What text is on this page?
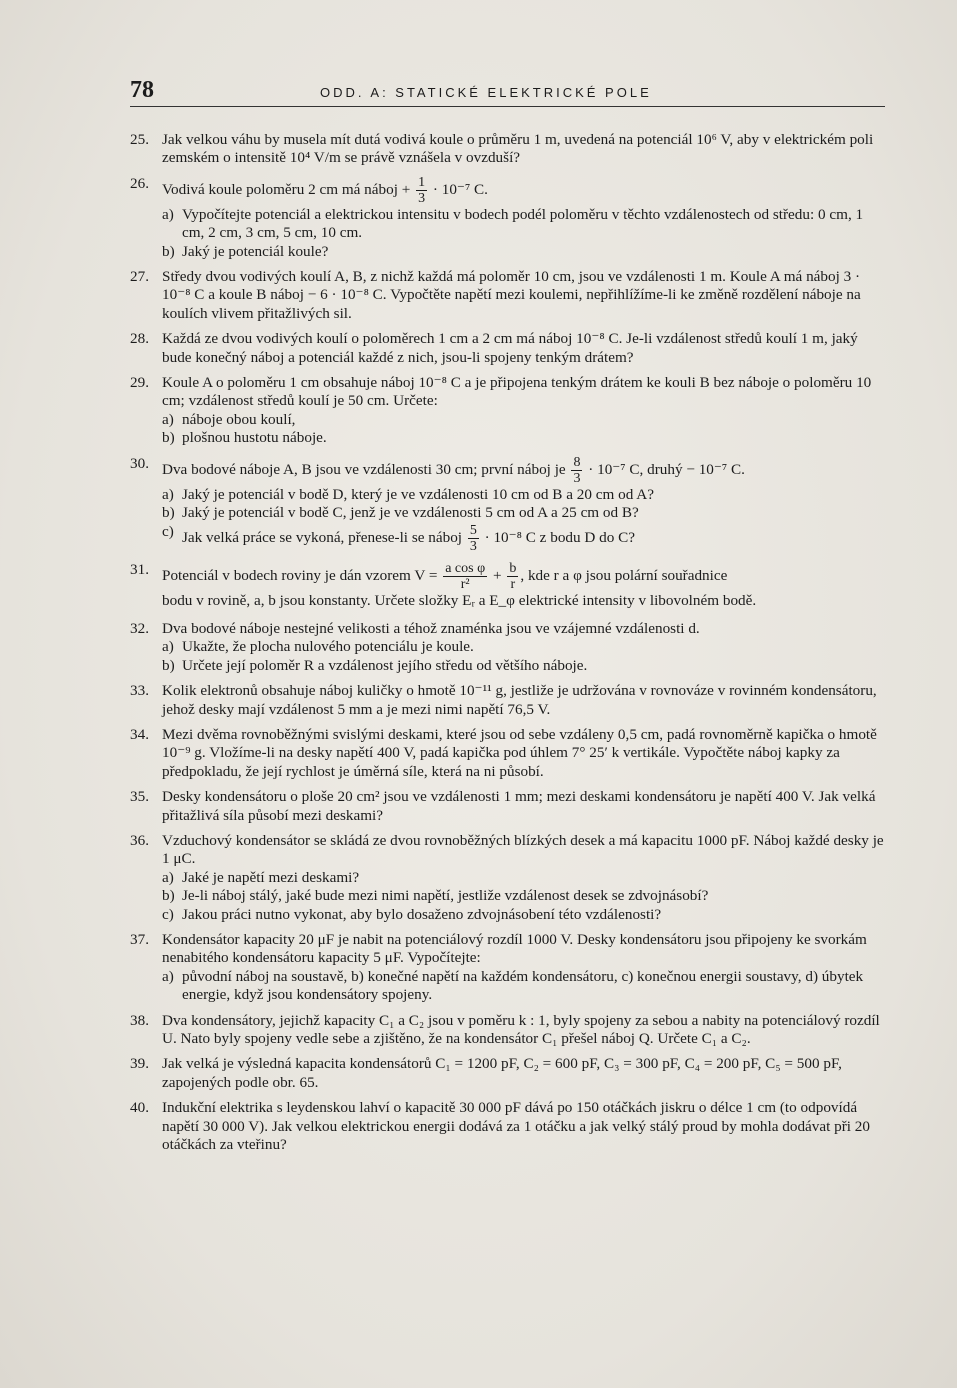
78	ODD. A: STATICKÉ ELEKTRICKÉ POLE
25. Jak velkou váhu by musela mít dutá vodivá koule o průměru 1 m, uvedená na potenciál 10⁶ V, aby v elektrickém poli zemském o intensitě 10⁴ V/m se právě vznášela v ovzduší?
26. Vodivá koule poloměru 2 cm má náboj + $\frac{1}{3} \cdot 10^{-7}$ C.
a) Vypočítejte potenciál a elektrickou intensitu v bodech podél poloměru v těchto vzdálenostech od středu: 0 cm, 1 cm, 2 cm, 3 cm, 5 cm, 10 cm.
b) Jaký je potenciál koule?
27. Středy dvou vodivých koulí A, B, z nichž každá má poloměr 10 cm, jsou ve vzdálenosti 1 m. Koule A má náboj 3 · 10⁻⁸ C a koule B náboj − 6 · 10⁻⁸ C. Vypočtěte napětí mezi koulemi, nepřihlížíme-li ke změně rozdělení náboje na koulích vlivem přitažlivých sil.
28. Každá ze dvou vodivých koulí o poloměrech 1 cm a 2 cm má náboj 10⁻⁸ C. Je-li vzdálenost středů koulí 1 m, jaký bude konečný náboj a potenciál každé z nich, jsou-li spojeny tenkým drátem?
29. Koule A o poloměru 1 cm obsahuje náboj 10⁻⁸ C a je připojena tenkým drátem ke kouli B bez náboje o poloměru 10 cm; vzdálenost středů koulí je 50 cm. Určete:
a) náboje obou koulí,
b) plošnou hustotu náboje.
30. Dva bodové náboje A, B jsou ve vzdálenosti 30 cm; první náboj je $\frac{8}{3} \cdot 10^{-7}$ C, druhý − 10⁻⁷ C.
a) Jaký je potenciál v bodě D, který je ve vzdálenosti 10 cm od B a 20 cm od A?
b) Jaký je potenciál v bodě C, jenž je ve vzdálenosti 5 cm od A a 25 cm od B?
c) Jak velká práce se vykoná, přenese-li se náboj $\frac{5}{3} \cdot 10^{-8}$ C z bodu D do C?
31. Potenciál v bodech roviny je dán vzorem $V = \frac{\text{a cos φ}}{\text{r²}} + \frac{b}{r}$ , kde r a φ jsou polární souřadnice
bodu v rovině, a, b jsou konstanty. Určete složky Eᵣ a E_φ elektrické intensity v libovolném bodě.
32. Dva bodové náboje nestejné velikosti a téhož znaménka jsou ve vzájemné vzdálenosti d.
a) Ukažte, že plocha nulového potenciálu je koule.
b) Určete její poloměr R a vzdálenost jejího středu od většího náboje.
33. Kolik elektronů obsahuje náboj kuličky o hmotě 10⁻¹¹ g, jestliže je udržována v rovnováze v rovinném kondensátoru, jehož desky mají vzdálenost 5 mm a je mezi nimi napětí 76,5 V.
34. Mezi dvěma rovnoběžnými svislými deskami, které jsou od sebe vzdáleny 0,5 cm, padá rovnoměrně kapička o hmotě 10⁻⁹ g. Vložíme-li na desky napětí 400 V, padá kapička pod úhlem 7° 25′ k vertikále. Vypočtěte náboj kapky za předpokladu, že její rychlost je úměrná síle, která na ni působí.
35. Desky kondensátoru o ploše 20 cm² jsou ve vzdálenosti 1 mm; mezi deskami kondensátoru je napětí 400 V. Jak velká přitažlivá síla působí mezi deskami?
36. Vzduchový kondensátor se skládá ze dvou rovnoběžných blízkých desek a má kapacitu 1000 pF. Náboj každé desky je 1 μC.
a) Jaké je napětí mezi deskami?
b) Je-li náboj stálý, jaké bude mezi nimi napětí, jestliže vzdálenost desek se zdvojnásobí?
c) Jakou práci nutno vykonat, aby bylo dosaženo zdvojnásobení této vzdálenosti?
37. Kondensátor kapacity 20 μF je nabit na potenciálový rozdíl 1000 V. Desky kondensátoru jsou připojeny ke svorkám nenabitého kondensátoru kapacity 5 μF. Vypočítejte:
a) původní náboj na soustavě, b) konečné napětí na každém kondensátoru, c) konečnou energii soustavy, d) úbytek energie, když jsou kondensátory spojeny.
38. Dva kondensátory, jejichž kapacity C₁ a C₂ jsou v poměru k : 1, byly spojeny za sebou a nabity na potenciálový rozdíl U. Nato byly spojeny vedle sebe a zjištěno, že na kondensátor C₁ přešel náboj Q. Určete C₁ a C₂.
39. Jak velká je výsledná kapacita kondensátorů C₁ = 1200 pF, C₂ = 600 pF, C₃ = 300 pF, C₄ = 200 pF, C₅ = 500 pF, zapojených podle obr. 65.
40. Indukční elektrika s leydenskou lahví o kapacitě 30 000 pF dává po 150 otáčkách jiskru o délce 1 cm (to odpovídá napětí 30 000 V). Jak velkou elektrickou energii dodává za 1 otáčku a jak velký stálý proud by mohla dodávat při 20 otáčkách za vteřinu?
